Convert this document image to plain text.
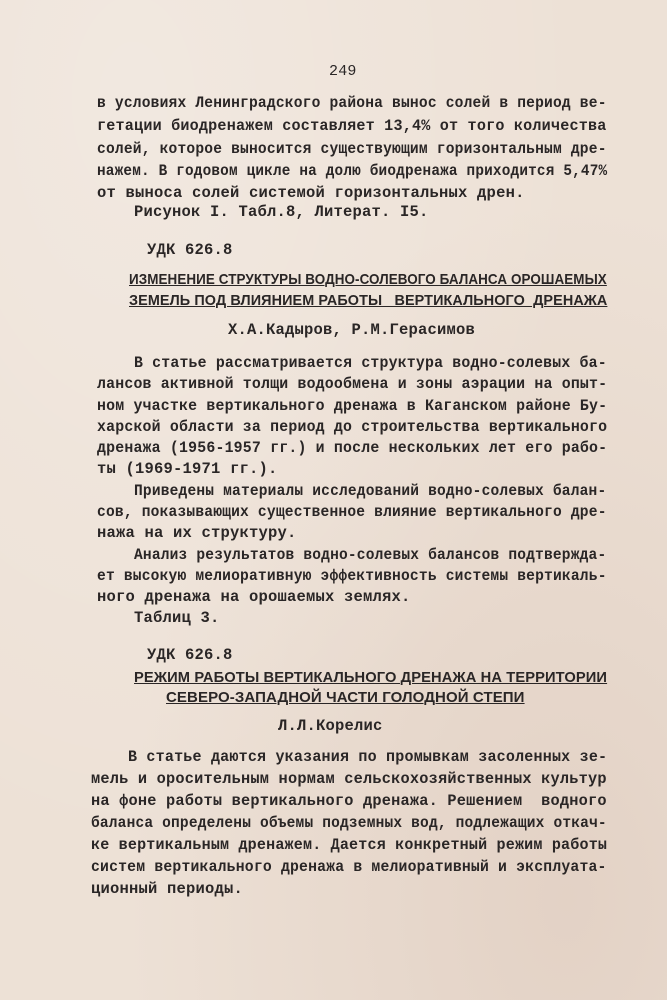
249
в условиях Ленинградского района вынос солей в период ве-
гетации биодренажем составляет 13,4% от того количества
солей, которое выносится существующим горизонтальным дре-
нажем. В годовом цикле на долю биодренажа приходится 5,47%
от выноса солей системой горизонтальных дрен.
Рисунок I. Табл.8, Литерат. I5.
УДК 626.8
ИЗМЕНЕНИЕ СТРУКТУРЫ ВОДНО-СОЛЕВОГО БАЛАНСА ОРОШАЕМЫХ
ЗЕМЕЛЬ ПОД ВЛИЯНИЕМ РАБОТЫ   ВЕРТИКАЛЬНОГО  ДРЕНАЖА
Х.А.Кадыров, Р.М.Герасимов
В статье рассматривается структура водно-солевых ба-
лансов активной толщи водообмена и зоны аэрации на опыт-
ном участке вертикального дренажа в Каганском районе Бу-
харской области за период до строительства вертикального
дренажа (1956-1957 гг.) и после нескольких лет его рабо-
ты (1969-1971 гг.).
Приведены материалы исследований водно-солевых балан-
сов, показывающих существенное влияние вертикального дре-
нажа на их структуру.
Анализ результатов водно-солевых балансов подтвержда-
ет высокую мелиоративную эффективность системы вертикаль-
ного дренажа на орошаемых землях.
Таблиц 3.
УДК 626.8
РЕЖИМ РАБОТЫ ВЕРТИКАЛЬНОГО ДРЕНАЖА НА ТЕРРИТОРИИ
СЕВЕРО-ЗАПАДНОЙ ЧАСТИ ГОЛОДНОЙ СТЕПИ
Л.Л.Корелис
В статье даются указания по промывкам засоленных зе-
мель и оросительным нормам сельскохозяйственных культур
на фоне работы вертикального дренажа. Решением  водного
баланса определены объемы подземных вод, подлежащих откач-
ке вертикальным дренажем. Дается конкретный режим работы
систем вертикального дренажа в мелиоративный и эксплуата-
ционный периоды.
